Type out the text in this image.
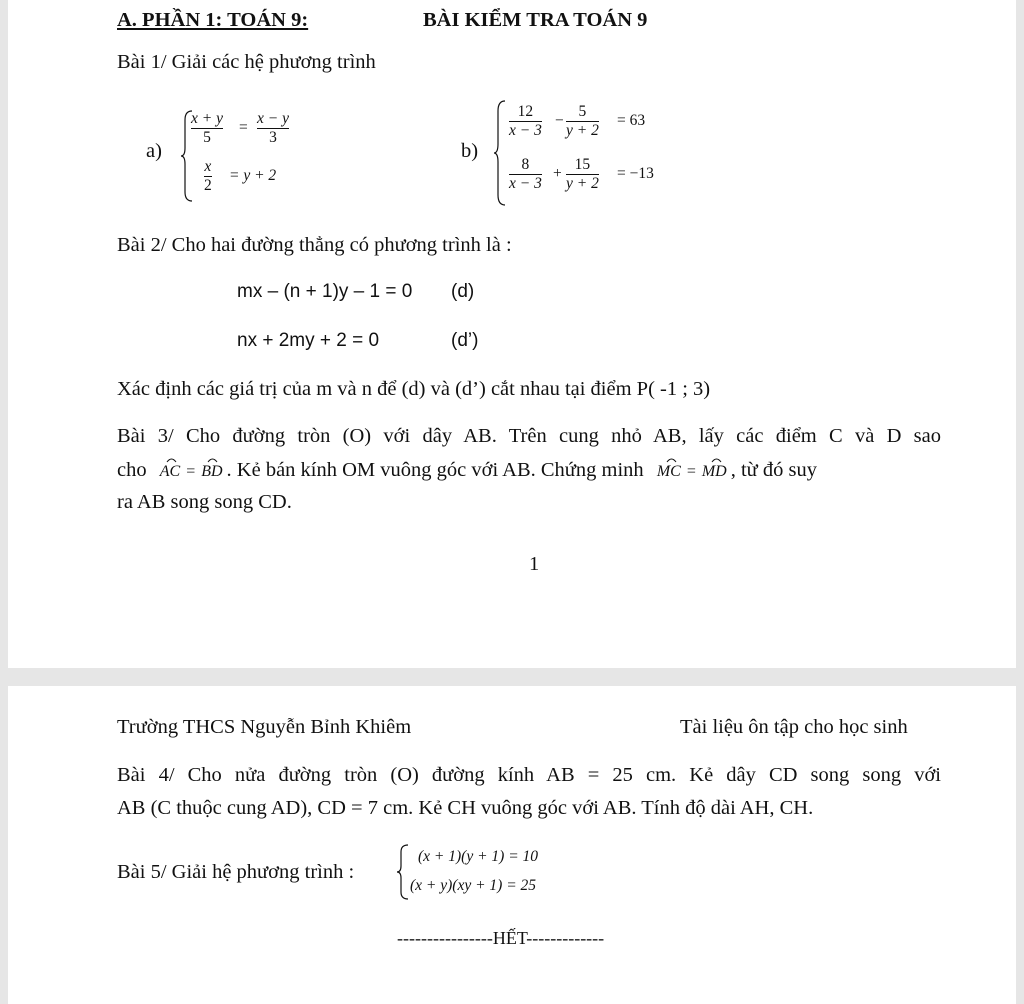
A. PHẦN 1: TOÁN 9:	BÀI KIỂM TRA TOÁN 9
Bài 1/ Giải các hệ phương trình
a)
$\frac{x + y}{5} = \frac{x - y}{3}$
$\frac{x}{2} = y + 2$
b)
$\frac{12}{x - 3} - \frac{5}{y + 2} = 63$
$\frac{8}{x - 3} + \frac{15}{y + 2} = -13$
Bài 2/ Cho hai đường thẳng có phương trình là :
mx – (n + 1)y – 1 = 0 (d)
nx + 2my + 2 = 0	(d’)
Xác định các giá trị của m và n để (d) và (d’) cắt nhau tại điểm P( -1 ; 3)
Bài 3/ Cho đường tròn (O) với dây AB. Trên cung nhỏ AB, lấy các điểm C và D sao
cho AC = BD . Kẻ bán kính OM vuông góc với AB. Chứng minh MC = MD , từ đó suy
ra AB song song CD.
1
Trường THCS Nguyễn Bỉnh Khiêm	Tài liệu ôn tập cho học sinh
Bài 4/ Cho nửa đường tròn (O) đường kính AB = 25 cm. Kẻ dây CD song song với
AB (C thuộc cung AD), CD = 7 cm. Kẻ CH vuông góc với AB. Tính độ dài AH, CH.
Bài 5/ Giải hệ phương trình :
(x + 1)(y + 1) = 10
(x + y)(xy + 1) = 25
----------------HẾT-------------
